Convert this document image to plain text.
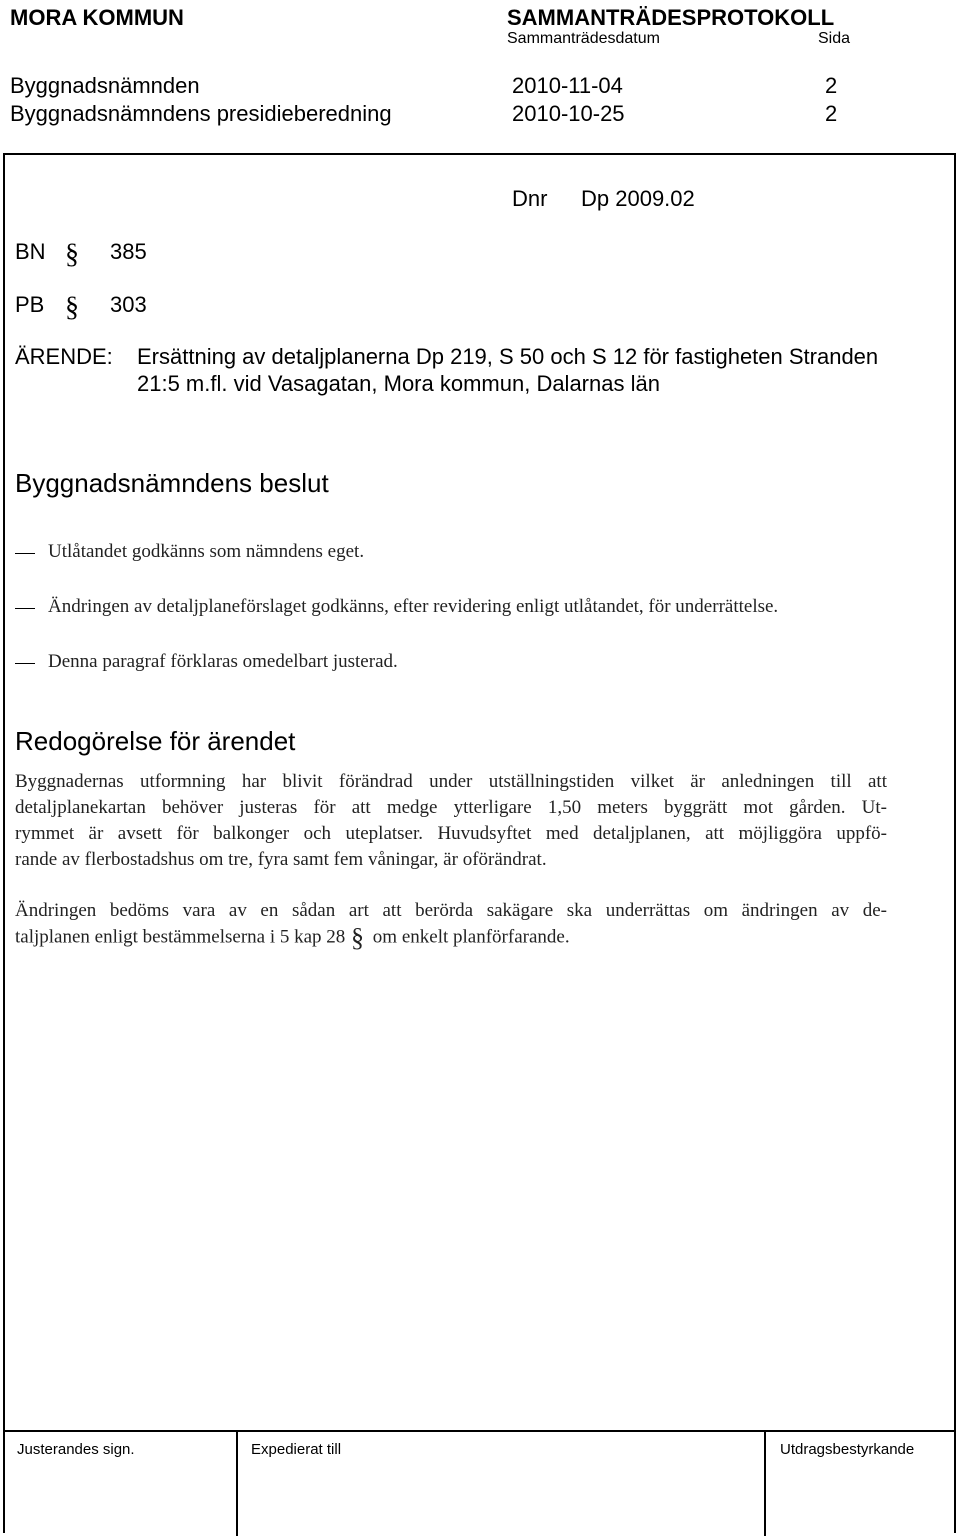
MORA KOMMUN	SAMMANTRÄDESPROTOKOLL
Sammanträdesdatum	Sida
Byggnadsnämnden	2010-11-04	2
Byggnadsnämndens presidieberedning	2010-10-25	2
Dnr Dp 2009.02
BN § 385
PB § 303
ÄRENDE: Ersättning av detaljplanerna Dp 219, S 50 och S 12 för fastigheten Stranden
21:5 m.fl. vid Vasagatan, Mora kommun, Dalarnas län
Byggnadsnämndens beslut
Utlåtandet godkänns som nämndens eget.
Ändringen av detaljplaneförslaget godkänns, efter revidering enligt utlåtandet, för underrättelse.
Denna paragraf förklaras omedelbart justerad.
Redogörelse för ärendet
Byggnadernas utformning har blivit förändrad under utställningstiden vilket är anledningen till att
detaljplanekartan behöver justeras för att medge ytterligare 1,50 meters byggrätt mot gården. Ut-
rymmet är avsett för balkonger och uteplatser. Huvudsyftet med detaljplanen, att möjliggöra uppfö-
rande av flerbostadshus om tre, fyra samt fem våningar, är oförändrat.
Ändringen bedöms vara av en sådan art att berörda sakägare ska underrättas om ändringen av de-
taljplanen enligt bestämmelserna i 5 kap 28 § om enkelt planförfarande.
Justerandes sign.	Expedierat till	Utdragsbestyrkande
